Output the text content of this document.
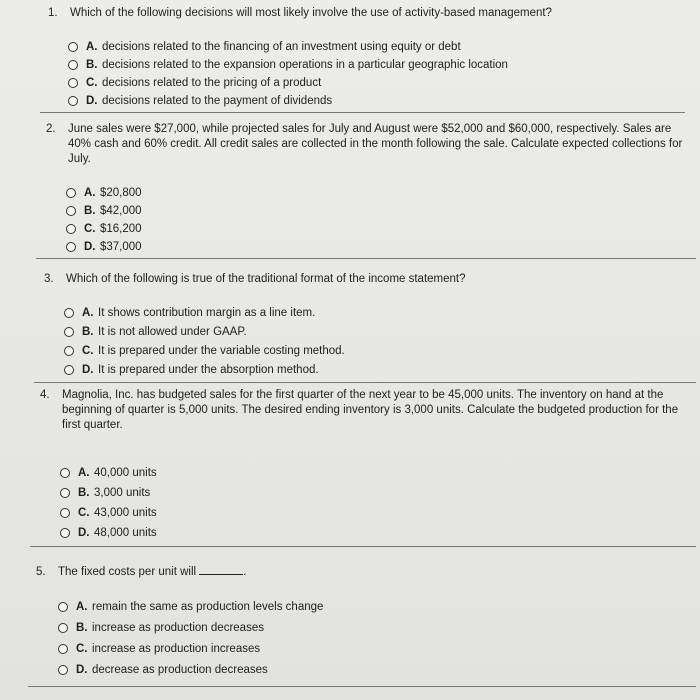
1. Which of the following decisions will most likely involve the use of activity-based management?
A. decisions related to the financing of an investment using equity or debt
B. decisions related to the expansion operations in a particular geographic location
C. decisions related to the pricing of a product
D. decisions related to the payment of dividends
2. June sales were $27,000, while projected sales for July and August were $52,000 and $60,000, respectively. Sales are
40% cash and 60% credit. All credit sales are collected in the month following the sale. Calculate expected collections for
July.
A. $20,800
B. $42,000
C. $16,200
D. $37,000
3. Which of the following is true of the traditional format of the income statement?
A. It shows contribution margin as a line item.
B. It is not allowed under GAAP.
C. It is prepared under the variable costing method.
D. It is prepared under the absorption method.
4. Magnolia, Inc. has budgeted sales for the first quarter of the next year to be 45,000 units. The inventory on hand at the
beginning of quarter is 5,000 units. The desired ending inventory is 3,000 units. Calculate the budgeted production for the
first quarter.
A. 40,000 units
B. 3,000 units
C. 43,000 units
D. 48,000 units
5. The fixed costs per unit will	.
A. remain the same as production levels change
B. increase as production decreases
C. increase as production increases
D. decrease as production decreases
